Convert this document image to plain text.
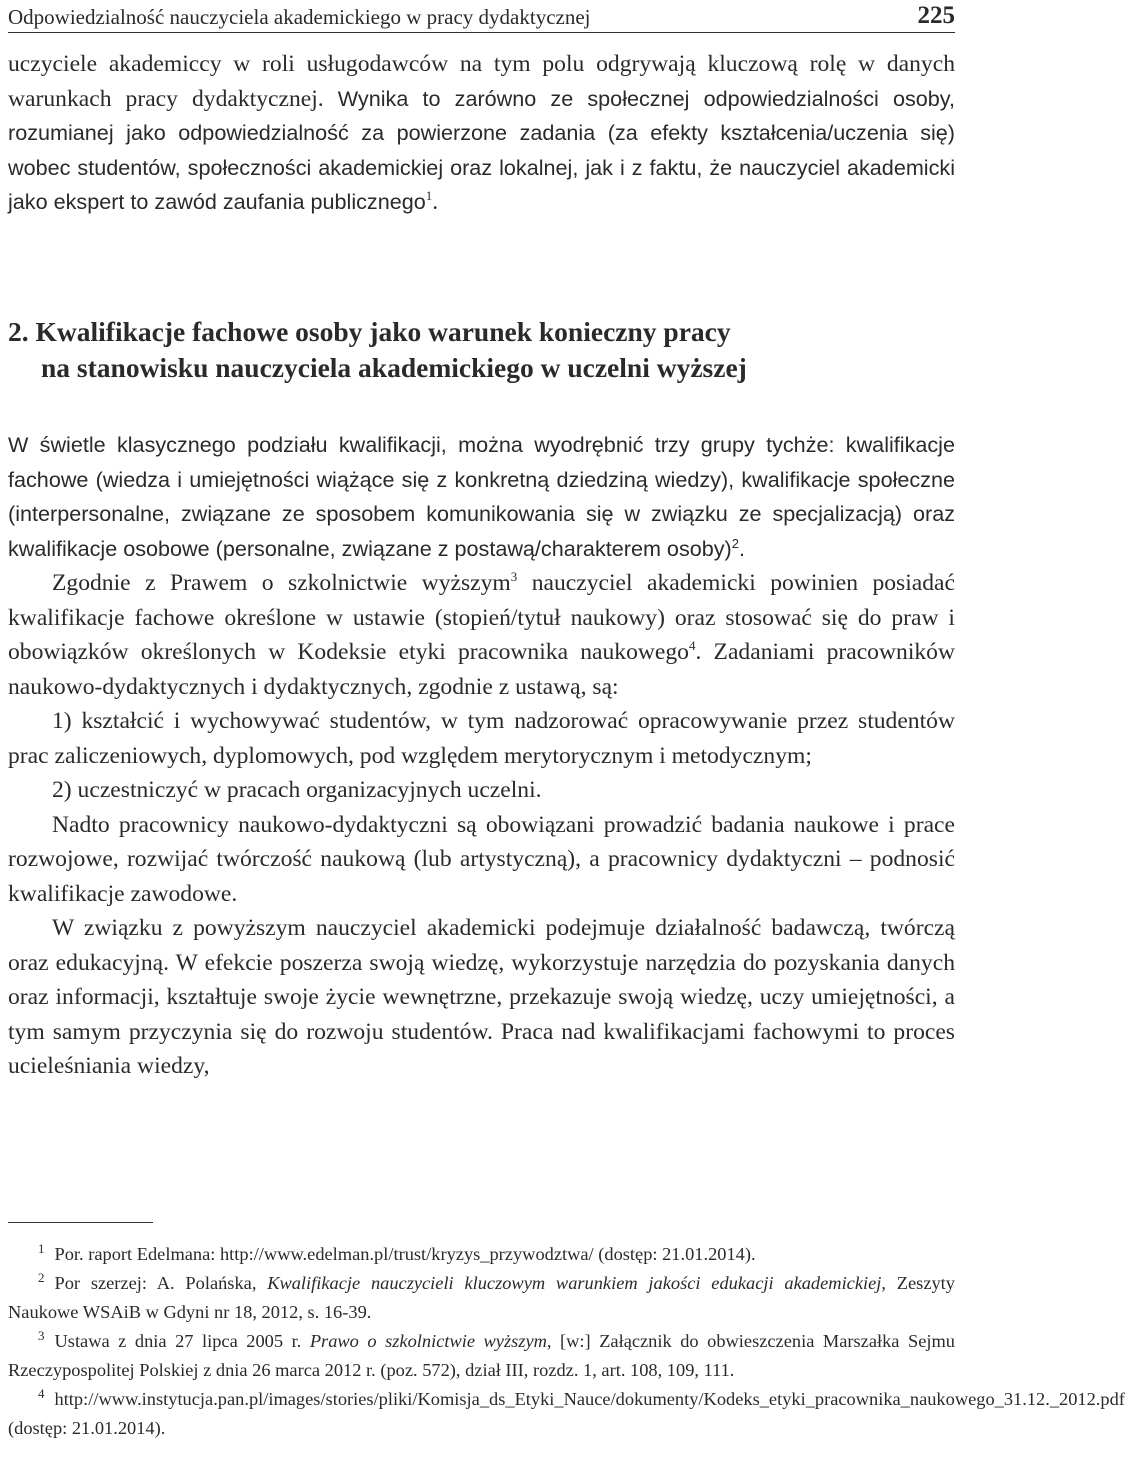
Odpowiedzialność nauczyciela akademickiego w pracy dydaktycznej	225

uczyciele akademiccy w roli usługodawców na tym polu odgrywają kluczową rolę w danych warunkach pracy dydaktycznej. Wynika to zarówno ze społecznej odpowiedzialności osoby, rozumianej jako odpowiedzialność za powierzone zadania (za efekty kształcenia/uczenia się) wobec studentów, społeczności akademickiej oraz lokalnej, jak i z faktu, że nauczyciel akademicki jako ekspert to zawód zaufania publicznego$^1$.

2. Kwalifikacje fachowe osoby jako warunek konieczny pracy
na stanowisku nauczyciela akademickiego w uczelni wyższej

W świetle klasycznego podziału kwalifikacji, można wyodrębnić trzy grupy tychże: kwalifikacje fachowe (wiedza i umiejętności wiążące się z konkretną dziedziną wiedzy), kwalifikacje społeczne (interpersonalne, związane ze sposobem komunikowania się w związku ze specjalizacją) oraz kwalifikacje osobowe (personalne, związane z postawą/charakterem osoby)$^2$.

Zgodnie z Prawem o szkolnictwie wyższym$^3$ nauczyciel akademicki powinien posiadać kwalifikacje fachowe określone w ustawie (stopień/tytuł naukowy) oraz stosować się do praw i obowiązków określonych w Kodeksie etyki pracownika naukowego$^4$. Zadaniami pracowników naukowo-dydaktycznych i dydaktycznych, zgodnie z ustawą, są:

1) kształcić i wychowywać studentów, w tym nadzorować opracowywanie przez studentów prac zaliczeniowych, dyplomowych, pod względem merytorycznym i metodycznym;

2) uczestniczyć w pracach organizacyjnych uczelni.

Nadto pracownicy naukowo-dydaktyczni są obowiązani prowadzić badania naukowe i prace rozwojowe, rozwijać twórczość naukową (lub artystyczną), a pracownicy dydaktyczni – podnosić kwalifikacje zawodowe.

W związku z powyższym nauczyciel akademicki podejmuje działalność badawczą, twórczą oraz edukacyjną. W efekcie poszerza swoją wiedzę, wykorzystuje narzędzia do pozyskania danych oraz informacji, kształtuje swoje życie wewnętrzne, przekazuje swoją wiedzę, uczy umiejętności, a tym samym przyczynia się do rozwoju studentów. Praca nad kwalifikacjami fachowymi to proces ucieleśniania wiedzy,

$^1$ Por. raport Edelmana: http://www.edelman.pl/trust/kryzys_przywodztwa/ (dostęp: 21.01.2014).

$^2$ Por szerzej: A. Polańska, Kwalifikacje nauczycieli kluczowym warunkiem jakości edukacji akademickiej, Zeszyty Naukowe WSAiB w Gdyni nr 18, 2012, s. 16-39.

$^3$ Ustawa z dnia 27 lipca 2005 r. Prawo o szkolnictwie wyższym, [w:] Załącznik do obwieszczenia Marszałka Sejmu Rzeczypospolitej Polskiej z dnia 26 marca 2012 r. (poz. 572), dział III, rozdz. 1, art. 108, 109, 111.

$^4$ http://www.instytucja.pan.pl/images/stories/pliki/Komisja_ds_Etyki_Nauce/dokumenty/Kodeks_etyki_pracownika_naukowego_31.12._2012.pdf (dostęp: 21.01.2014).
